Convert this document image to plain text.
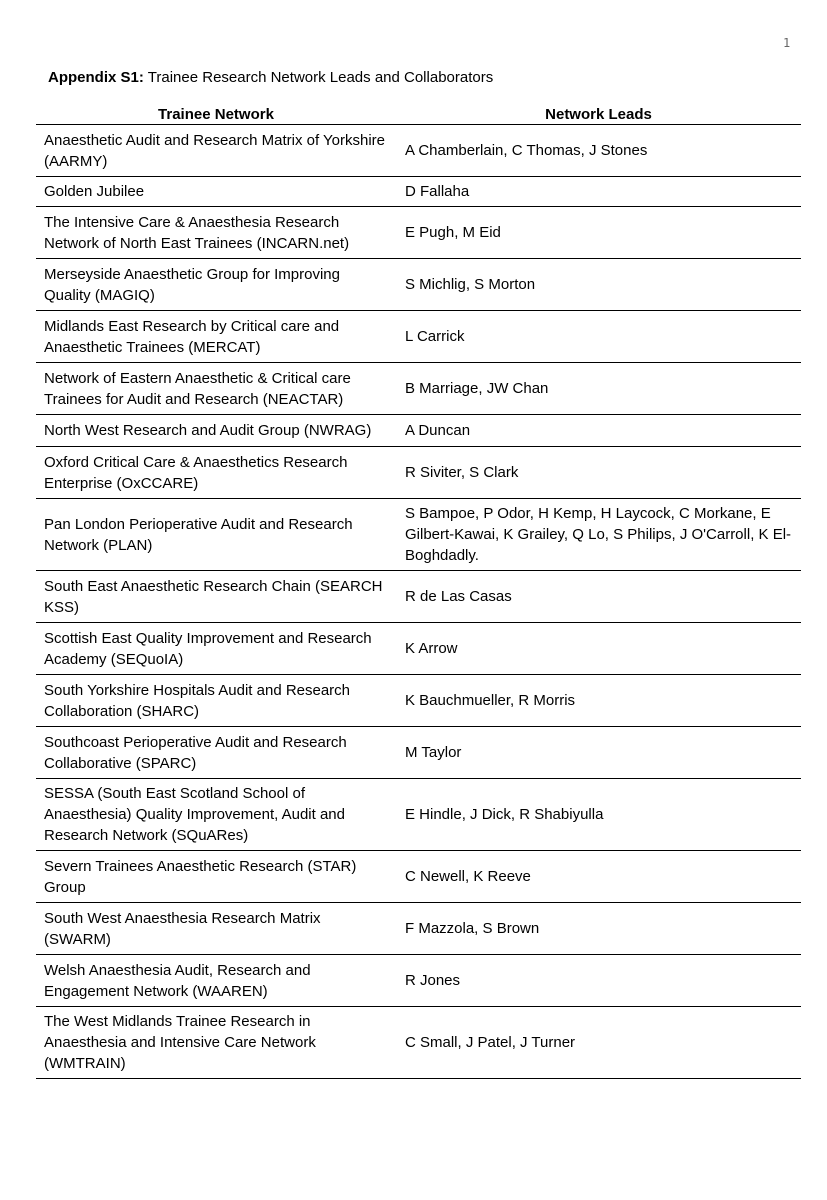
1
Appendix S1: Trainee Research Network Leads and Collaborators
Trainee Network	Network Leads
Anaesthetic Audit and Research Matrix of Yorkshire (AARMY)	A Chamberlain, C Thomas, J Stones
Golden Jubilee	D Fallaha
The Intensive Care & Anaesthesia Research Network of North East Trainees (INCARN.net)	E Pugh, M Eid
Merseyside Anaesthetic Group for Improving Quality (MAGIQ)	S Michlig, S Morton
Midlands East Research by Critical care and Anaesthetic Trainees (MERCAT)	L Carrick
Network of Eastern Anaesthetic & Critical care Trainees for Audit and Research (NEACTAR)	B Marriage, JW Chan
North West Research and Audit Group (NWRAG)	A Duncan
Oxford Critical Care & Anaesthetics Research Enterprise (OxCCARE)	R Siviter, S Clark
Pan London Perioperative Audit and Research Network (PLAN)	S Bampoe, P Odor, H Kemp, H Laycock, C Morkane, E Gilbert-Kawai, K Grailey, Q Lo, S Philips, J O'Carroll, K El-Boghdadly.
South East Anaesthetic Research Chain (SEARCH KSS)	R de Las Casas
Scottish East Quality Improvement and Research Academy (SEQuoIA)	K Arrow
South Yorkshire Hospitals Audit and Research Collaboration (SHARC)	K Bauchmueller, R Morris
Southcoast Perioperative Audit and Research Collaborative (SPARC)	M Taylor
SESSA (South East Scotland School of Anaesthesia) Quality Improvement, Audit and Research Network (SQuARes)	E Hindle, J Dick, R Shabiyulla
Severn Trainees Anaesthetic Research (STAR) Group	C Newell, K Reeve
South West Anaesthesia Research Matrix (SWARM)	F Mazzola, S Brown
Welsh Anaesthesia Audit, Research and Engagement Network (WAAREN)	R Jones
The West Midlands Trainee Research in Anaesthesia and Intensive Care Network (WMTRAIN)	C Small, J Patel, J Turner
